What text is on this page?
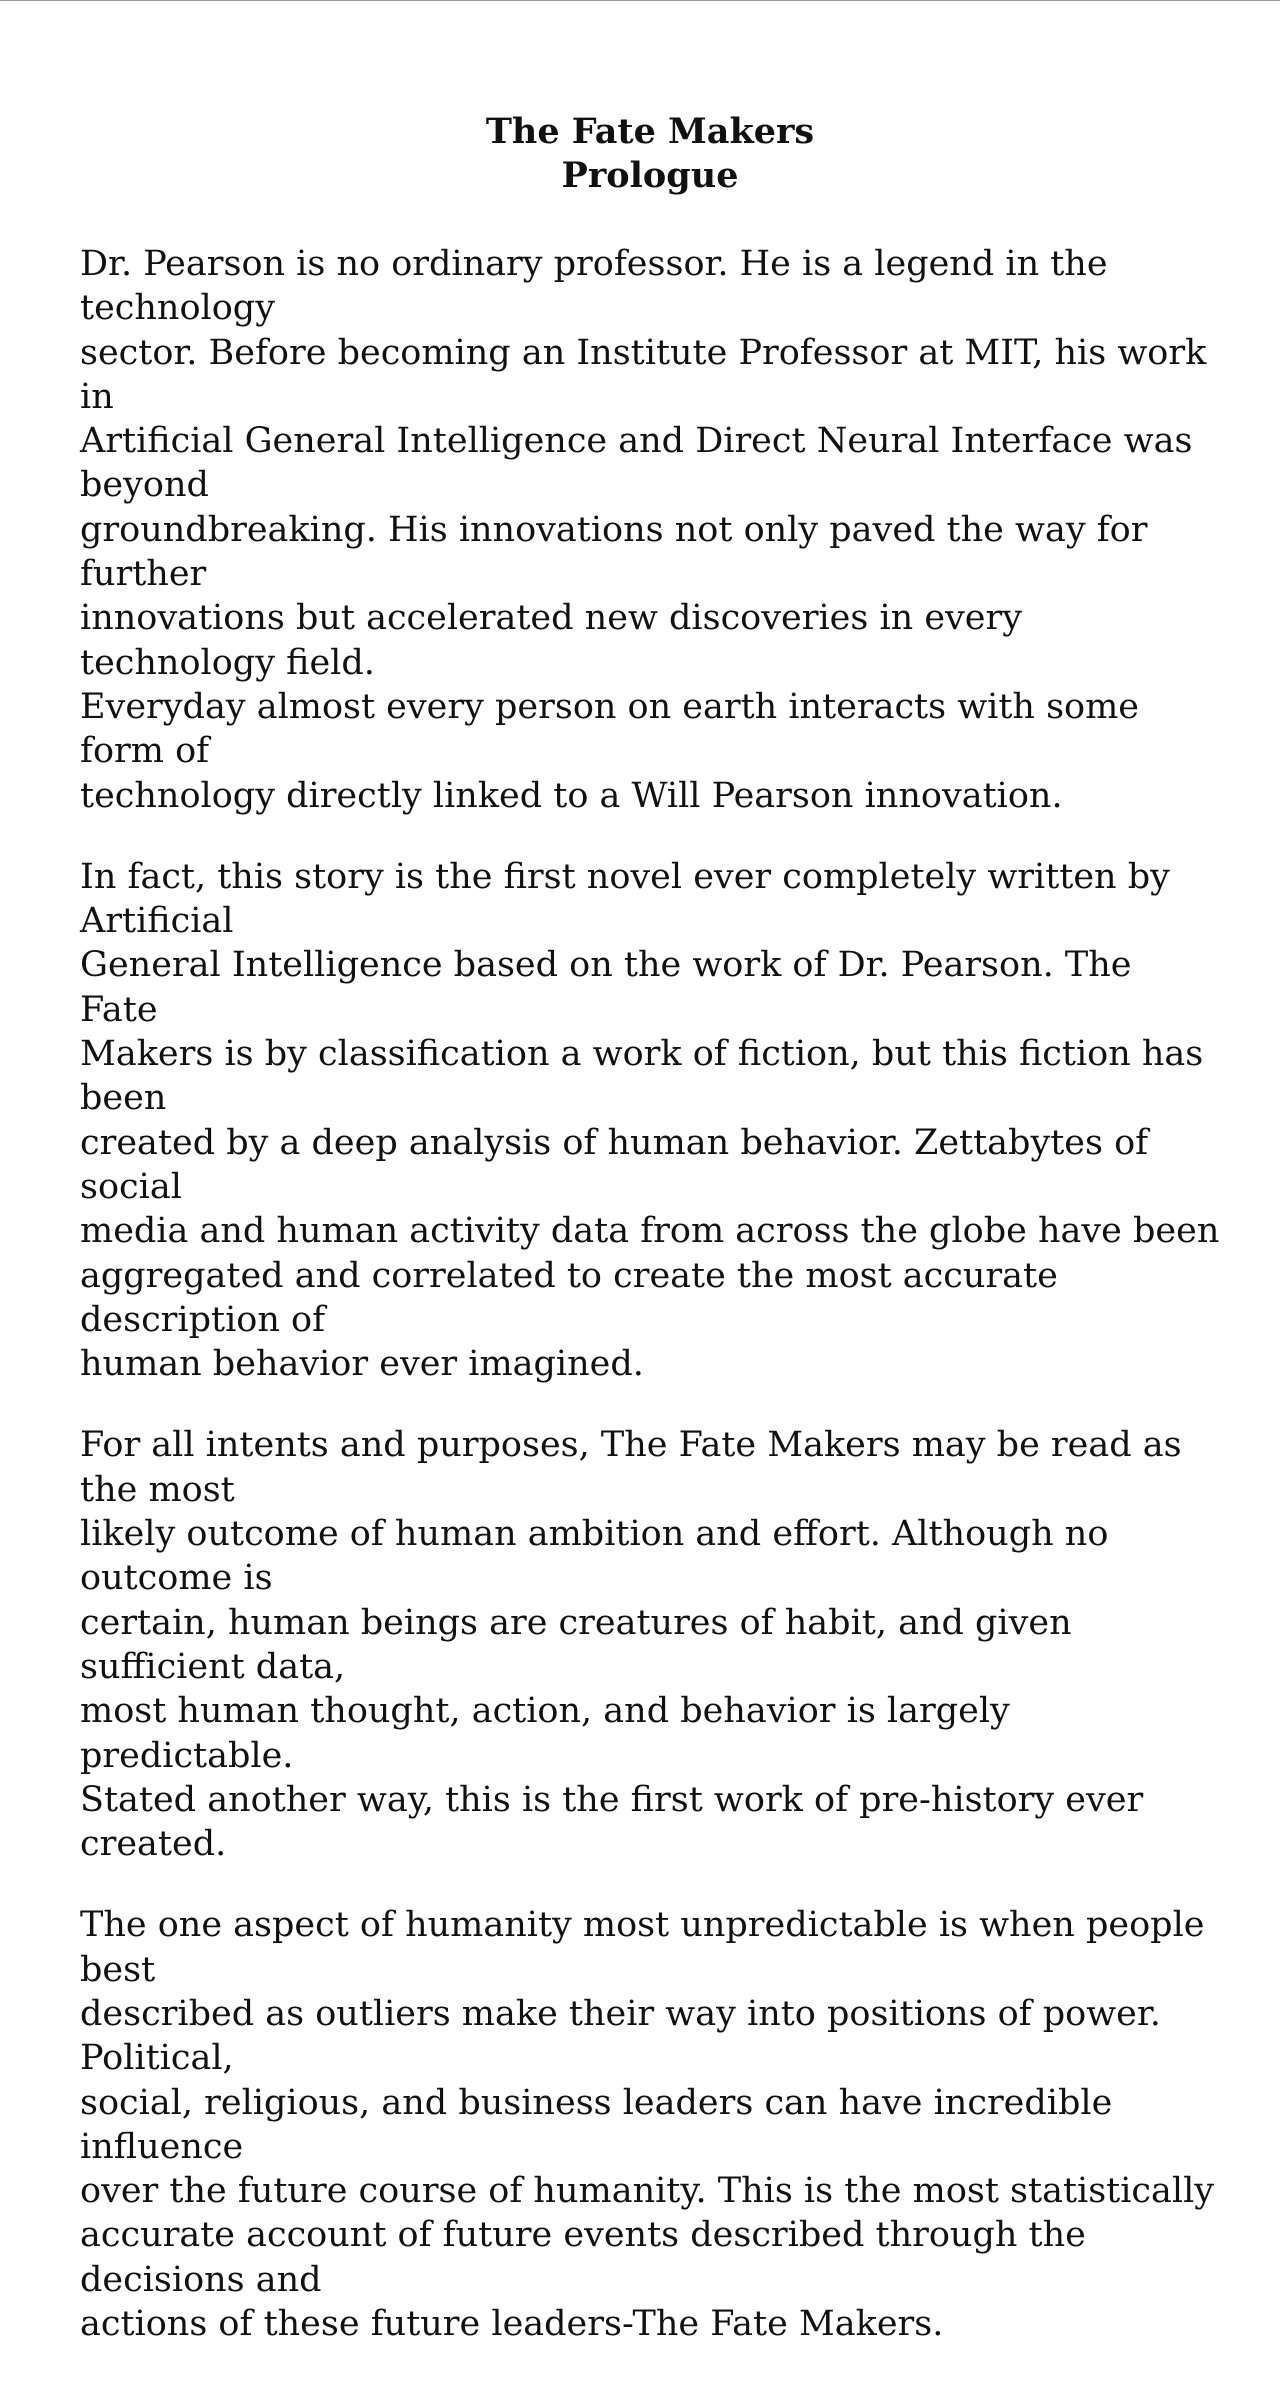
The Fate Makers
Prologue

Dr. Pearson is no ordinary professor. He is a legend in the technology
sector. Before becoming an Institute Professor at MIT, his work in
Artificial General Intelligence and Direct Neural Interface was beyond
groundbreaking. His innovations not only paved the way for further
innovations but accelerated new discoveries in every technology field.
Everyday almost every person on earth interacts with some form of
technology directly linked to a Will Pearson innovation.

In fact, this story is the first novel ever completely written by Artificial
General Intelligence based on the work of Dr. Pearson. The Fate
Makers is by classification a work of fiction, but this fiction has been
created by a deep analysis of human behavior. Zettabytes of social
media and human activity data from across the globe have been
aggregated and correlated to create the most accurate description of
human behavior ever imagined.

For all intents and purposes, The Fate Makers may be read as the most
likely outcome of human ambition and effort. Although no outcome is
certain, human beings are creatures of habit, and given sufficient data,
most human thought, action, and behavior is largely predictable.
Stated another way, this is the first work of pre-history ever created.

The one aspect of humanity most unpredictable is when people best
described as outliers make their way into positions of power. Political,
social, religious, and business leaders can have incredible influence
over the future course of humanity. This is the most statistically
accurate account of future events described through the decisions and
actions of these future leaders-The Fate Makers.
